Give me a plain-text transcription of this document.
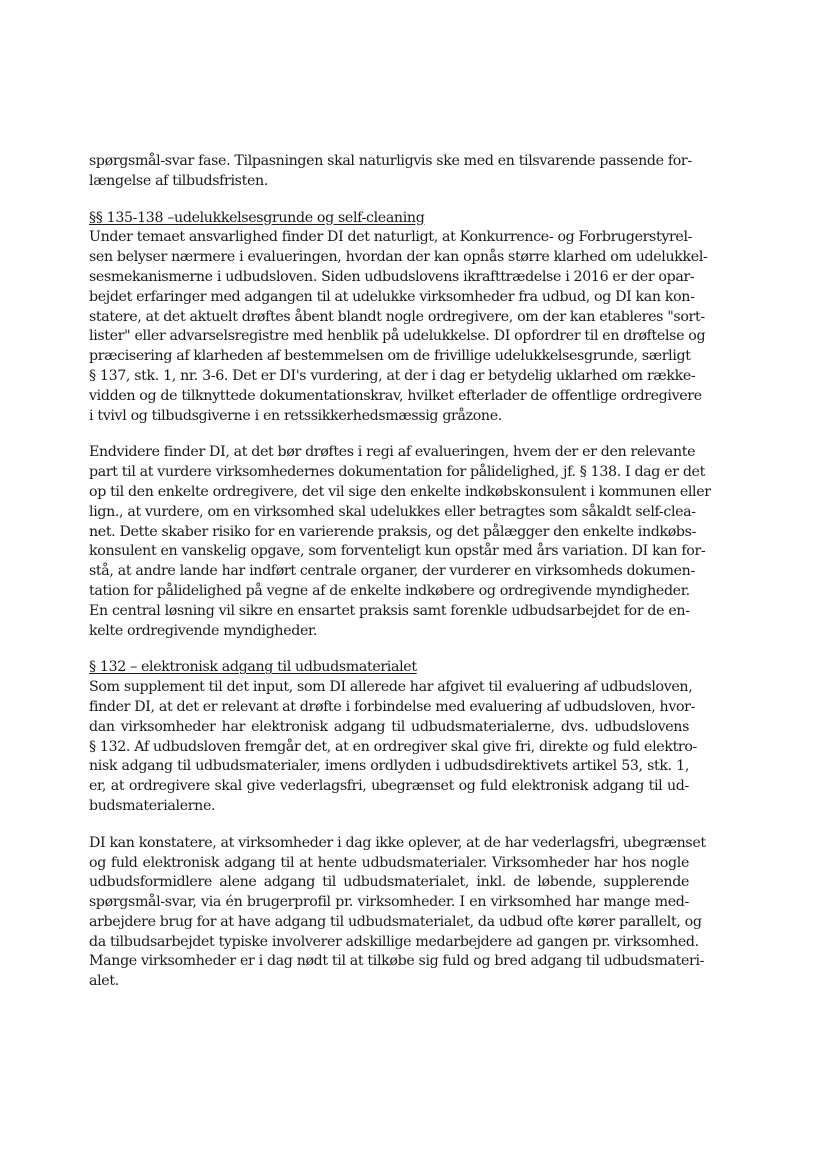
spørgsmål-svar fase. Tilpasningen skal naturligvis ske med en tilsvarende passende for-
længelse af tilbudsfristen.
§§ 135-138 –udelukkelsesgrunde og self-cleaning
Under temaet ansvarlighed finder DI det naturligt, at Konkurrence- og Forbrugerstyrel-
sen belyser nærmere i evalueringen, hvordan der kan opnås større klarhed om udelukkel-
sesmekanismerne i udbudsloven. Siden udbudslovens ikrafttrædelse i 2016 er der opar-
bejdet erfaringer med adgangen til at udelukke virksomheder fra udbud, og DI kan kon-
statere, at det aktuelt drøftes åbent blandt nogle ordregivere, om der kan etableres "sort-
lister" eller advarselsregistre med henblik på udelukkelse. DI opfordrer til en drøftelse og
præcisering af klarheden af bestemmelsen om de frivillige udelukkelsesgrunde, særligt
§ 137, stk. 1, nr. 3-6. Det er DI's vurdering, at der i dag er betydelig uklarhed om række-
vidden og de tilknyttede dokumentationskrav, hvilket efterlader de offentlige ordregivere
i tvivl og tilbudsgiverne i en retssikkerhedsmæssig gråzone.
Endvidere finder DI, at det bør drøftes i regi af evalueringen, hvem der er den relevante
part til at vurdere virksomhedernes dokumentation for pålidelighed, jf. § 138. I dag er det
op til den enkelte ordregivere, det vil sige den enkelte indkøbskonsulent i kommunen eller
lign., at vurdere, om en virksomhed skal udelukkes eller betragtes som såkaldt self-clea-
net. Dette skaber risiko for en varierende praksis, og det pålægger den enkelte indkøbs-
konsulent en vanskelig opgave, som forventeligt kun opstår med års variation. DI kan for-
stå, at andre lande har indført centrale organer, der vurderer en virksomheds dokumen-
tation for pålidelighed på vegne af de enkelte indkøbere og ordregivende myndigheder.
En central løsning vil sikre en ensartet praksis samt forenkle udbudsarbejdet for de en-
kelte ordregivende myndigheder.
§ 132 – elektronisk adgang til udbudsmaterialet
Som supplement til det input, som DI allerede har afgivet til evaluering af udbudsloven,
finder DI, at det er relevant at drøfte i forbindelse med evaluering af udbudsloven, hvor-
dan virksomheder har elektronisk adgang til udbudsmaterialerne, dvs. udbudslovens
§ 132. Af udbudsloven fremgår det, at en ordregiver skal give fri, direkte og fuld elektro-
nisk adgang til udbudsmaterialer, imens ordlyden i udbudsdirektivets artikel 53, stk. 1,
er, at ordregivere skal give vederlagsfri, ubegrænset og fuld elektronisk adgang til ud-
budsmaterialerne.
DI kan konstatere, at virksomheder i dag ikke oplever, at de har vederlagsfri, ubegrænset
og fuld elektronisk adgang til at hente udbudsmaterialer. Virksomheder har hos nogle
udbudsformidlere alene adgang til udbudsmaterialet, inkl. de løbende, supplerende
spørgsmål-svar, via én brugerprofil pr. virksomheder. I en virksomhed har mange med-
arbejdere brug for at have adgang til udbudsmaterialet, da udbud ofte kører parallelt, og
da tilbudsarbejdet typiske involverer adskillige medarbejdere ad gangen pr. virksomhed.
Mange virksomheder er i dag nødt til at tilkøbe sig fuld og bred adgang til udbudsmateri-
alet.
